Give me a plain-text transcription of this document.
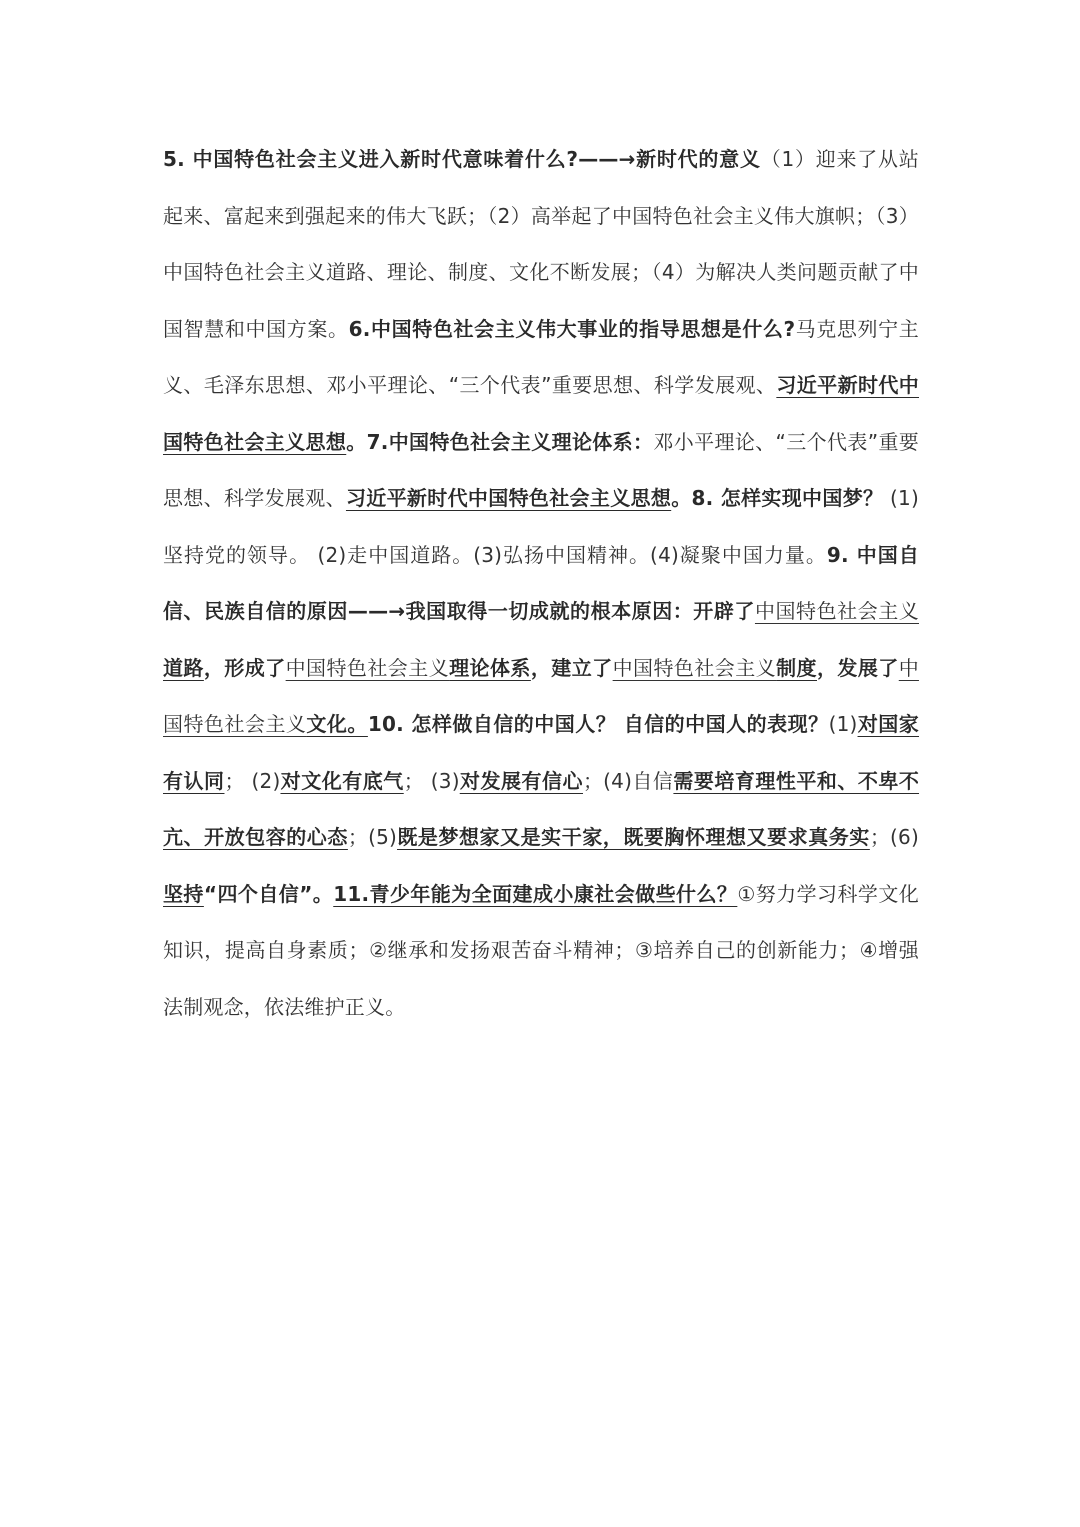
5. 中国特色社会主义进入新时代意味着什么?——→新时代的意义（1）迎来了从站起来、富起来到强起来的伟大飞跃；（2）高举起了中国特色社会主义伟大旗帜；（3）中国特色社会主义道路、理论、制度、文化不断发展；（4）为解决人类问题贡献了中国智慧和中国方案。6.中国特色社会主义伟大事业的指导思想是什么?马克思列宁主义、毛泽东思想、邓小平理论、“三个代表”重要思想、科学发展观、习近平新时代中国特色社会主义思想。7.中国特色社会主义理论体系：邓小平理论、“三个代表”重要思想、科学发展观、习近平新时代中国特色社会主义思想。8. 怎样实现中国梦？ (1) 坚持党的领导。 (2)走中国道路。(3)弘扬中国精神。(4)凝聚中国力量。9. 中国自信、民族自信的原因——→我国取得一切成就的根本原因：开辟了中国特色社会主义道路，形成了中国特色社会主义理论体系，建立了中国特色社会主义制度，发展了中国特色社会主义文化。10. 怎样做自信的中国人？ 自信的中国人的表现？(1)对国家有认同； (2)对文化有底气； (3)对发展有信心；(4)自信需要培育理性平和、不卑不亢、开放包容的心态；(5)既是梦想家又是实干家，既要胸怀理想又要求真务实；(6)坚持“四个自信”。11.青少年能为全面建成小康社会做些什么？①努力学习科学文化知识，提高自身素质；②继承和发扬艰苦奋斗精神；③培养自己的创新能力；④增强法制观念，依法维护正义。
